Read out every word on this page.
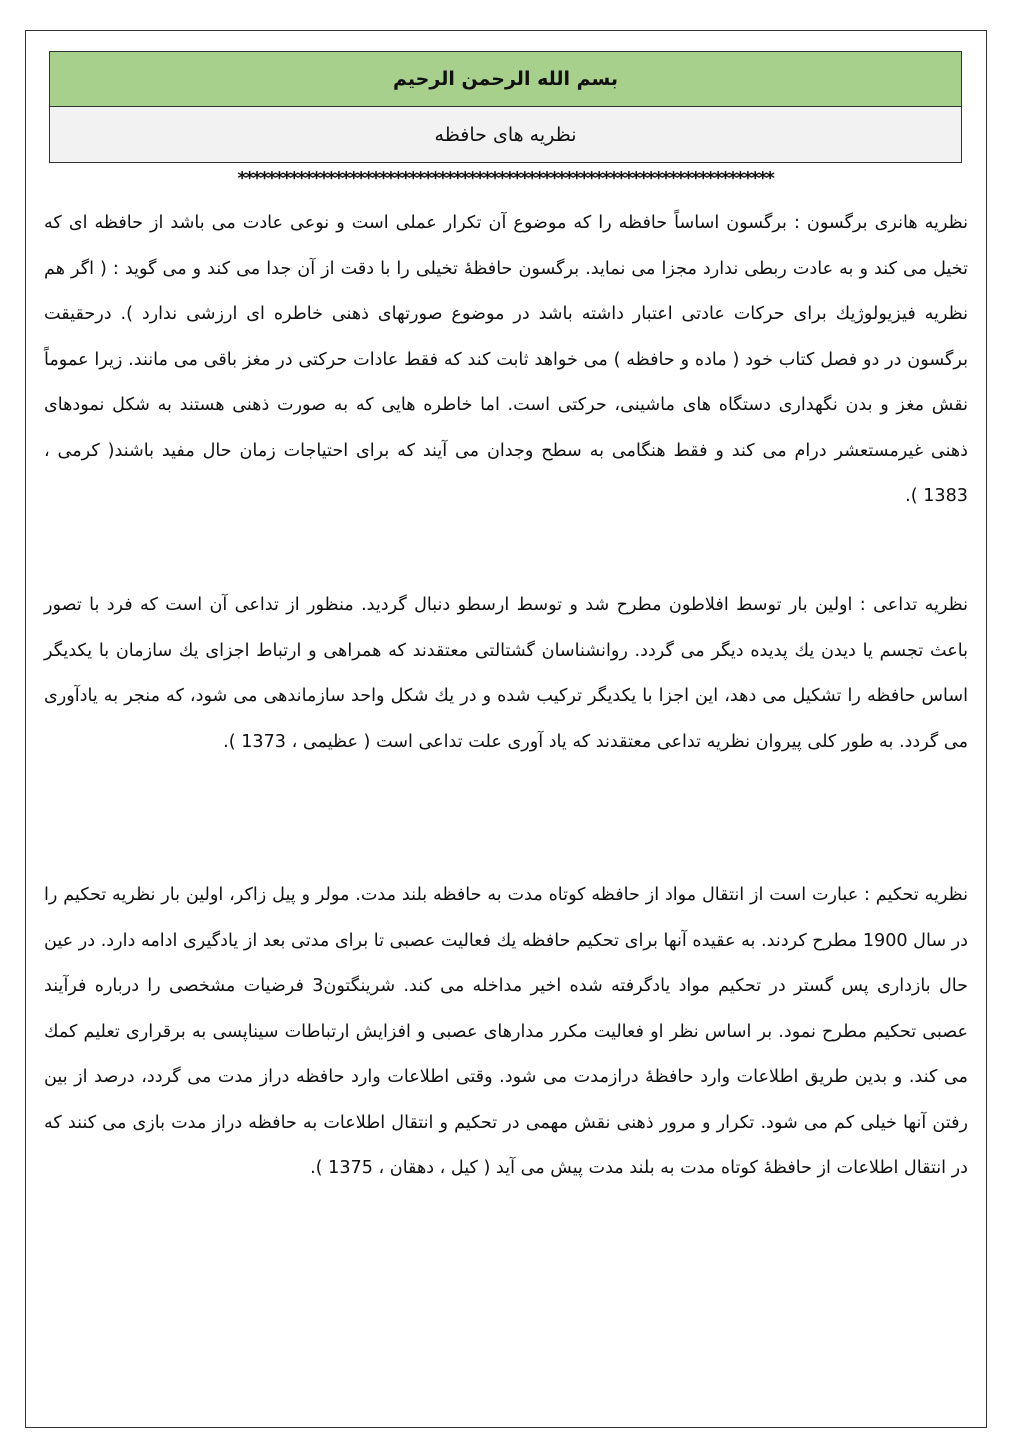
بسم الله الرحمن الرحیم
نظریه های حافظه
************************************************************************

نظریه هانری برگسون : برگسون اساساً حافظه را که موضوع آن تکرار عملی است و نوعی عادت می باشد از حافظه ای که تخیل می کند و به عادت ربطی ندارد مجزا می نماید. برگسون حافظهٔ تخیلی را با دقت از آن جدا می کند و می گوید : ( اگر هم نظریه فیزیولوژیك برای حرکات عادتی اعتبار داشته باشد در موضوع صورتهای ذهنی خاطره ای ارزشی ندارد ). درحقیقت برگسون در دو فصل کتاب خود ( ماده و حافظه ) می خواهد ثابت کند که فقط عادات حرکتی در مغز باقی می مانند. زیرا عموماً نقش مغز و بدن نگهداری دستگاه های ماشینی، حرکتی است. اما خاطره هایی که به صورت ذهنی هستند به شکل نمودهای ذهنی غیرمستعشر درام می کند و فقط هنگامی به سطح وجدان می آیند که برای احتیاجات زمان حال مفید باشند( کرمی ، 1383 ).

نظریه تداعی : اولین بار توسط افلاطون مطرح شد و توسط ارسطو دنبال گردید. منظور از تداعی آن است که فرد با تصور باعث تجسم یا دیدن یك پدیده دیگر می گردد. روانشناسان گشتالتی معتقدند که همراهی و ارتباط اجزای یك سازمان با یکدیگر اساس حافظه را تشکیل می دهد، این اجزا با یکدیگر ترکیب شده و در یك شکل واحد سازماندهی می شود، که منجر به یادآوری می گردد. به طور کلی پیروان نظریه تداعی معتقدند که یاد آوری علت تداعی است ( عظیمی ، 1373 ).

نظریه تحکیم : عبارت است از انتقال مواد از حافظه کوتاه مدت به حافظه بلند مدت. مولر و پیل زاکر، اولین بار نظریه تحکیم را در سال 1900 مطرح کردند. به عقیده آنها برای تحکیم حافظه یك فعالیت عصبی تا برای مدتی بعد از یادگیری ادامه دارد. در عین حال بازداری پس گستر در تحکیم مواد یادگرفته شده اخیر مداخله می کند. شرینگتون3 فرضیات مشخصی را درباره فرآیند عصبی تحکیم مطرح نمود. بر اساس نظر او فعالیت مکرر مدارهای عصبی و افزایش ارتباطات سیناپسی به برقراری تعلیم کمك می کند. و بدین طریق اطلاعات وارد حافظهٔ درازمدت می شود. وقتی اطلاعات وارد حافظه دراز مدت می گردد، درصد از بین رفتن آنها خیلی کم می شود. تکرار و مرور ذهنی نقش مهمی در تحکیم و انتقال اطلاعات به حافظه دراز مدت بازی می کنند که در انتقال اطلاعات از حافظهٔ کوتاه مدت به بلند مدت پیش می آید ( کیل ، دهقان ، 1375 ).
